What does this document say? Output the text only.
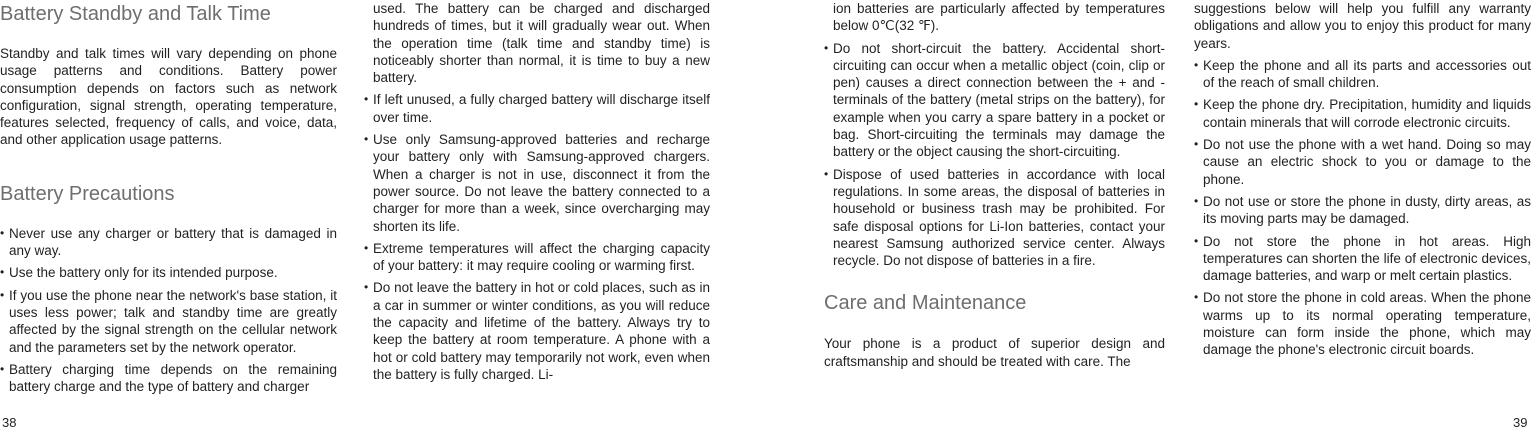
Battery Standby and Talk Time

Standby and talk times will vary depending on phone usage patterns and conditions. Battery power consumption depends on factors such as network configuration, signal strength, operating temperature, features selected, frequency of calls, and voice, data, and other application usage patterns.

Battery Precautions
• Never use any charger or battery that is damaged in any way.
• Use the battery only for its intended purpose.
• If you use the phone near the network's base station, it uses less power; talk and standby time are greatly affected by the signal strength on the cellular network and the parameters set by the network operator.
• Battery charging time depends on the remaining battery charge and the type of battery and charger
used. The battery can be charged and discharged hundreds of times, but it will gradually wear out. When the operation time (talk time and standby time) is noticeably shorter than normal, it is time to buy a new battery.
• If left unused, a fully charged battery will discharge itself over time.
• Use only Samsung-approved batteries and recharge your battery only with Samsung-approved chargers. When a charger is not in use, disconnect it from the power source. Do not leave the battery connected to a charger for more than a week, since overcharging may shorten its life.
• Extreme temperatures will affect the charging capacity of your battery: it may require cooling or warming first.
• Do not leave the battery in hot or cold places, such as in a car in summer or winter conditions, as you will reduce the capacity and lifetime of the battery. Always try to keep the battery at room temperature. A phone with a hot or cold battery may temporarily not work, even when the battery is fully charged. Li-
ion batteries are particularly affected by temperatures below 0℃(32 ℉).
• Do not short-circuit the battery. Accidental short-circuiting can occur when a metallic object (coin, clip or pen) causes a direct connection between the + and - terminals of the battery (metal strips on the battery), for example when you carry a spare battery in a pocket or bag. Short-circuiting the terminals may damage the battery or the object causing the short-circuiting.
• Dispose of used batteries in accordance with local regulations. In some areas, the disposal of batteries in household or business trash may be prohibited. For safe disposal options for Li-Ion batteries, contact your nearest Samsung authorized service center. Always recycle. Do not dispose of batteries in a fire.
Care and Maintenance

Your phone is a product of superior design and craftsmanship and should be treated with care. The

suggestions below will help you fulfill any warranty obligations and allow you to enjoy this product for many years.

• Keep the phone and all its parts and accessories out of the reach of small children.
• Keep the phone dry. Precipitation, humidity and liquids contain minerals that will corrode electronic circuits.
• Do not use the phone with a wet hand. Doing so may cause an electric shock to you or damage to the phone.
• Do not use or store the phone in dusty, dirty areas, as its moving parts may be damaged.
• Do not store the phone in hot areas. High temperatures can shorten the life of electronic devices, damage batteries, and warp or melt certain plastics.
• Do not store the phone in cold areas. When the phone warms up to its normal operating temperature, moisture can form inside the phone, which may damage the phone's electronic circuit boards.
38	39
